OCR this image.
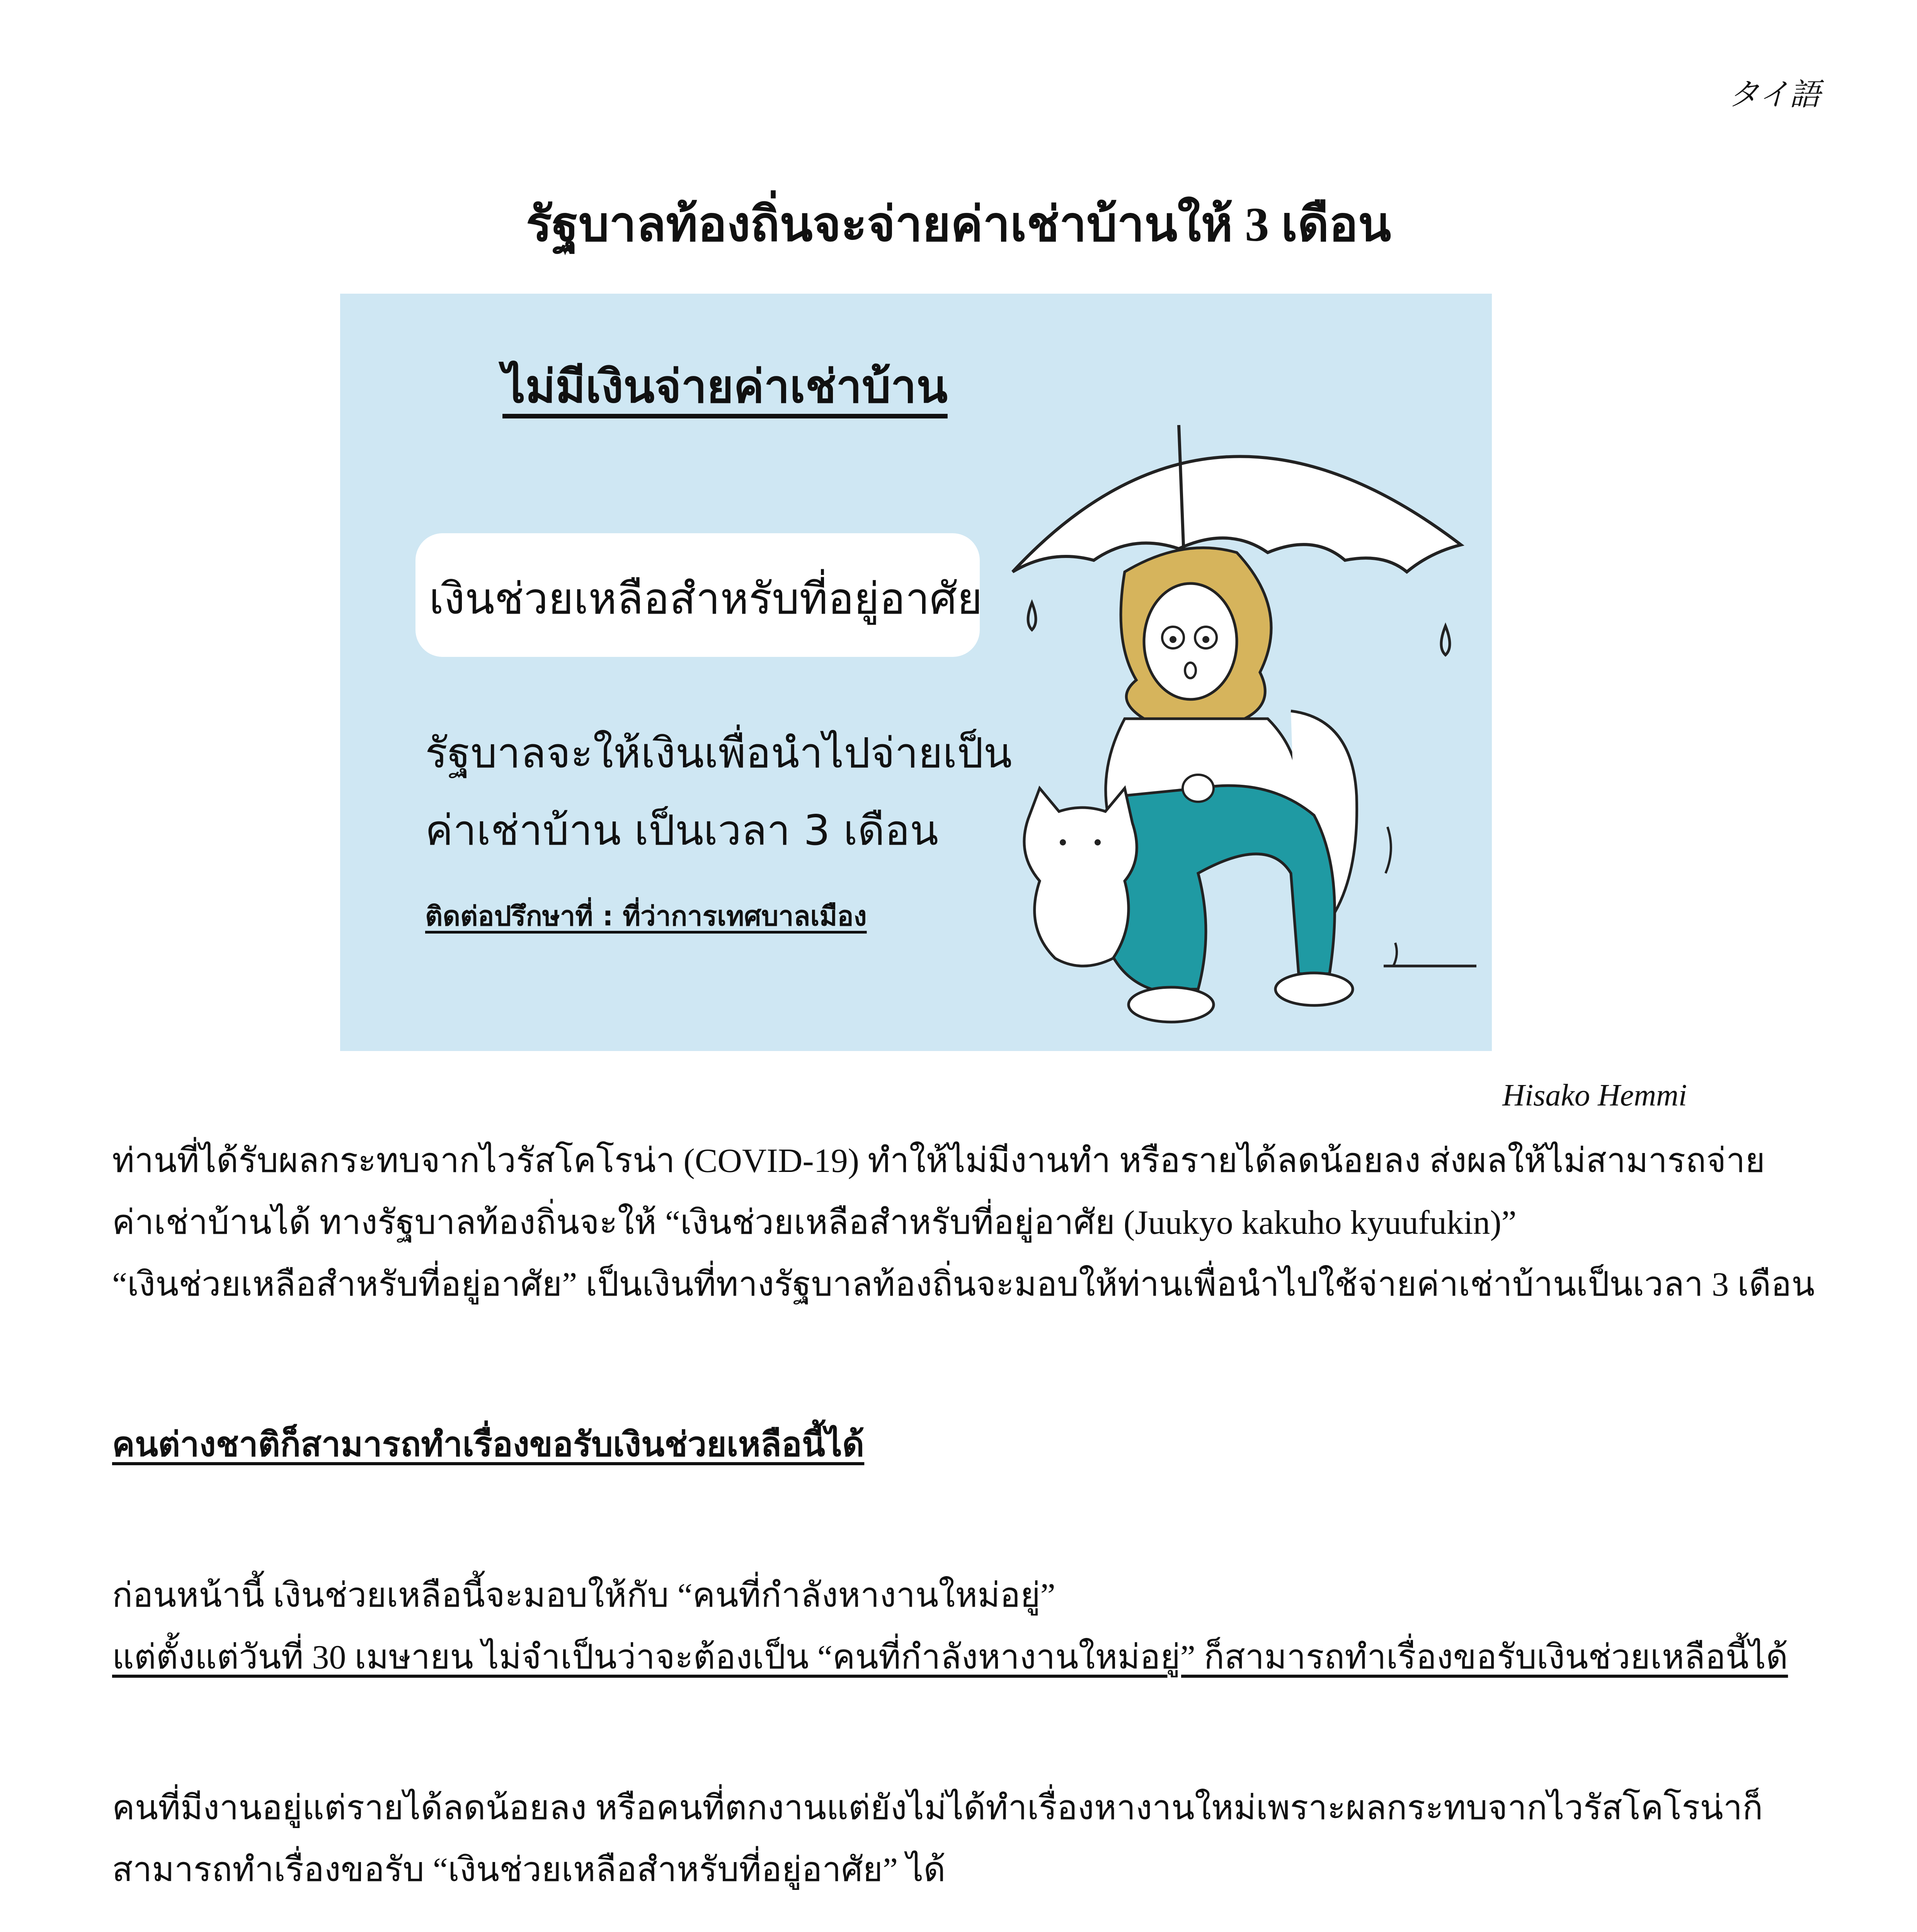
タイ語
รัฐบาลท้องถิ่นจะจ่ายค่าเช่าบ้านให้ 3 เดือน
ไม่มีเงินจ่ายค่าเช่าบ้าน
เงินช่วยเหลือสำหรับที่อยู่อาศัย
รัฐบาลจะให้เงินเพื่อนำไปจ่ายเป็น
ค่าเช่าบ้าน เป็นเวลา 3 เดือน
ติดต่อปรึกษาที่ : ที่ว่าการเทศบาลเมือง
Hisako Hemmi
ท่านที่ได้รับผลกระทบจากไวรัสโคโรน่า (COVID-19) ทำให้ไม่มีงานทำ หรือรายได้ลดน้อยลง ส่งผลให้ไม่สามารถจ่าย
ค่าเช่าบ้านได้ ทางรัฐบาลท้องถิ่นจะให้ “เงินช่วยเหลือสำหรับที่อยู่อาศัย (Juukyo kakuho kyuufukin)”
“เงินช่วยเหลือสำหรับที่อยู่อาศัย” เป็นเงินที่ทางรัฐบาลท้องถิ่นจะมอบให้ท่านเพื่อนำไปใช้จ่ายค่าเช่าบ้านเป็นเวลา 3 เดือน
คนต่างชาติก็สามารถทำเรื่องขอรับเงินช่วยเหลือนี้ได้
ก่อนหน้านี้ เงินช่วยเหลือนี้จะมอบให้กับ “คนที่กำลังหางานใหม่อยู่”
แต่ตั้งแต่วันที่ 30 เมษายน ไม่จำเป็นว่าจะต้องเป็น “คนที่กำลังหางานใหม่อยู่” ก็สามารถทำเรื่องขอรับเงินช่วยเหลือนี้ได้
คนที่มีงานอยู่แต่รายได้ลดน้อยลง หรือคนที่ตกงานแต่ยังไม่ได้ทำเรื่องหางานใหม่เพราะผลกระทบจากไวรัสโคโรน่าก็
สามารถทำเรื่องขอรับ “เงินช่วยเหลือสำหรับที่อยู่อาศัย” ได้
